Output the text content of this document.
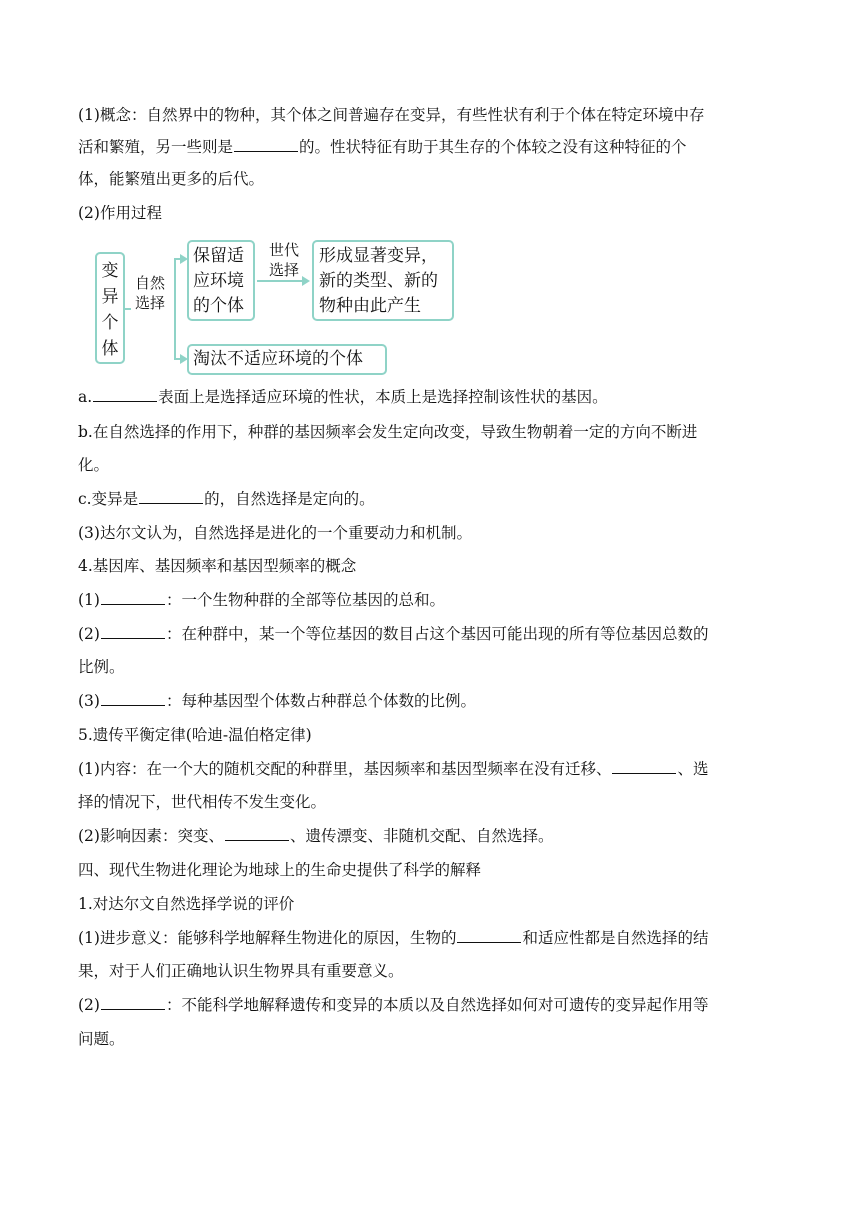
(1)概念：自然界中的物种，其个体之间普遍存在变异，有些性状有利于个体在特定环境中存
活和繁殖，另一些则是	的。性状特征有助于其生存的个体较之没有这种特征的个
体，能繁殖出更多的后代。
(2)作用过程
a.	表面上是选择适应环境的性状，本质上是选择控制该性状的基因。
b.在自然选择的作用下，种群的基因频率会发生定向改变，导致生物朝着一定的方向不断进
化。
c.变异是	的，自然选择是定向的。
(3)达尔文认为，自然选择是进化的一个重要动力和机制。
4.基因库、基因频率和基因型频率的概念
(1)	：一个生物种群的全部等位基因的总和。
(2)	：在种群中，某一个等位基因的数目占这个基因可能出现的所有等位基因总数的
比例。
(3)	：每种基因型个体数占种群总个体数的比例。
5.遗传平衡定律(哈迪-温伯格定律)
(1)内容：在一个大的随机交配的种群里，基因频率和基因型频率在没有迁移、	、选
择的情况下，世代相传不发生变化。
(2)影响因素：突变、	、遗传漂变、非随机交配、自然选择。
四、现代生物进化理论为地球上的生命史提供了科学的解释
1.对达尔文自然选择学说的评价
(1)进步意义：能够科学地解释生物进化的原因，生物的	和适应性都是自然选择的结
果，对于人们正确地认识生物界具有重要意义。
(2)	：不能科学地解释遗传和变异的本质以及自然选择如何对可遗传的变异起作用等
问题。
变异个体
自然
选择
保留适
应环境
的个体
世代
选择
形成显著变异，
新的类型、新的
物种由此产生
淘汰不适应环境的个体
